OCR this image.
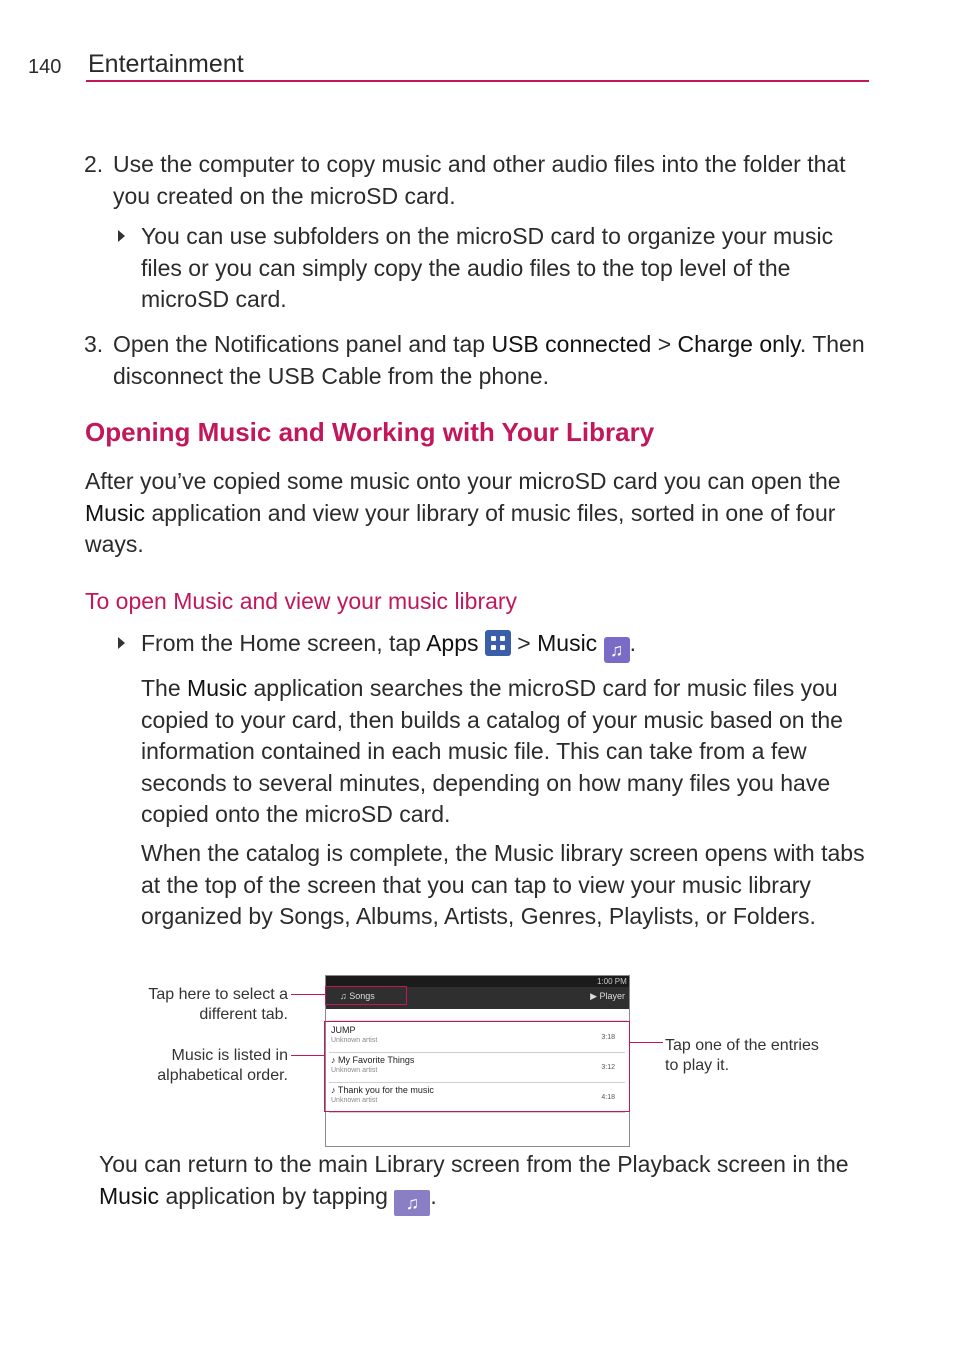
140 Entertainment
2. Use the computer to copy music and other audio files into the folder that you created on the microSD card.
You can use subfolders on the microSD card to organize your music files or you can simply copy the audio files to the top level of the microSD card.
3. Open the Notifications panel and tap USB connected > Charge only. Then disconnect the USB Cable from the phone.
Opening Music and Working with Your Library
After you’ve copied some music onto your microSD card you can open the Music application and view your library of music files, sorted in one of four ways.
To open Music and view your music library
From the Home screen, tap Apps
> Music ♫ .
The Music application searches the microSD card for music files you copied to your card, then builds a catalog of your music based on the information contained in each music file. This can take from a few seconds to several minutes, depending on how many files you have copied onto the microSD card.
When the catalog is complete, the Music library screen opens with tabs at the top of the screen that you can tap to view your music library organized by Songs, Albums, Artists, Genres, Playlists, or Folders.
Tap here to select a
different tab.
Music is listed in
alphabetical order.
Tap one of the entries
to play it.
1:00 PM
♫ Songs	▶ Player
JUMP
Unknown artist	3:18
♪ My Favorite Things
Unknown artist	3:12
♪ Thank you for the music
Unknown artist	4:18
You can return to the main Library screen from the Playback screen in the Music application by tapping ♫ .
